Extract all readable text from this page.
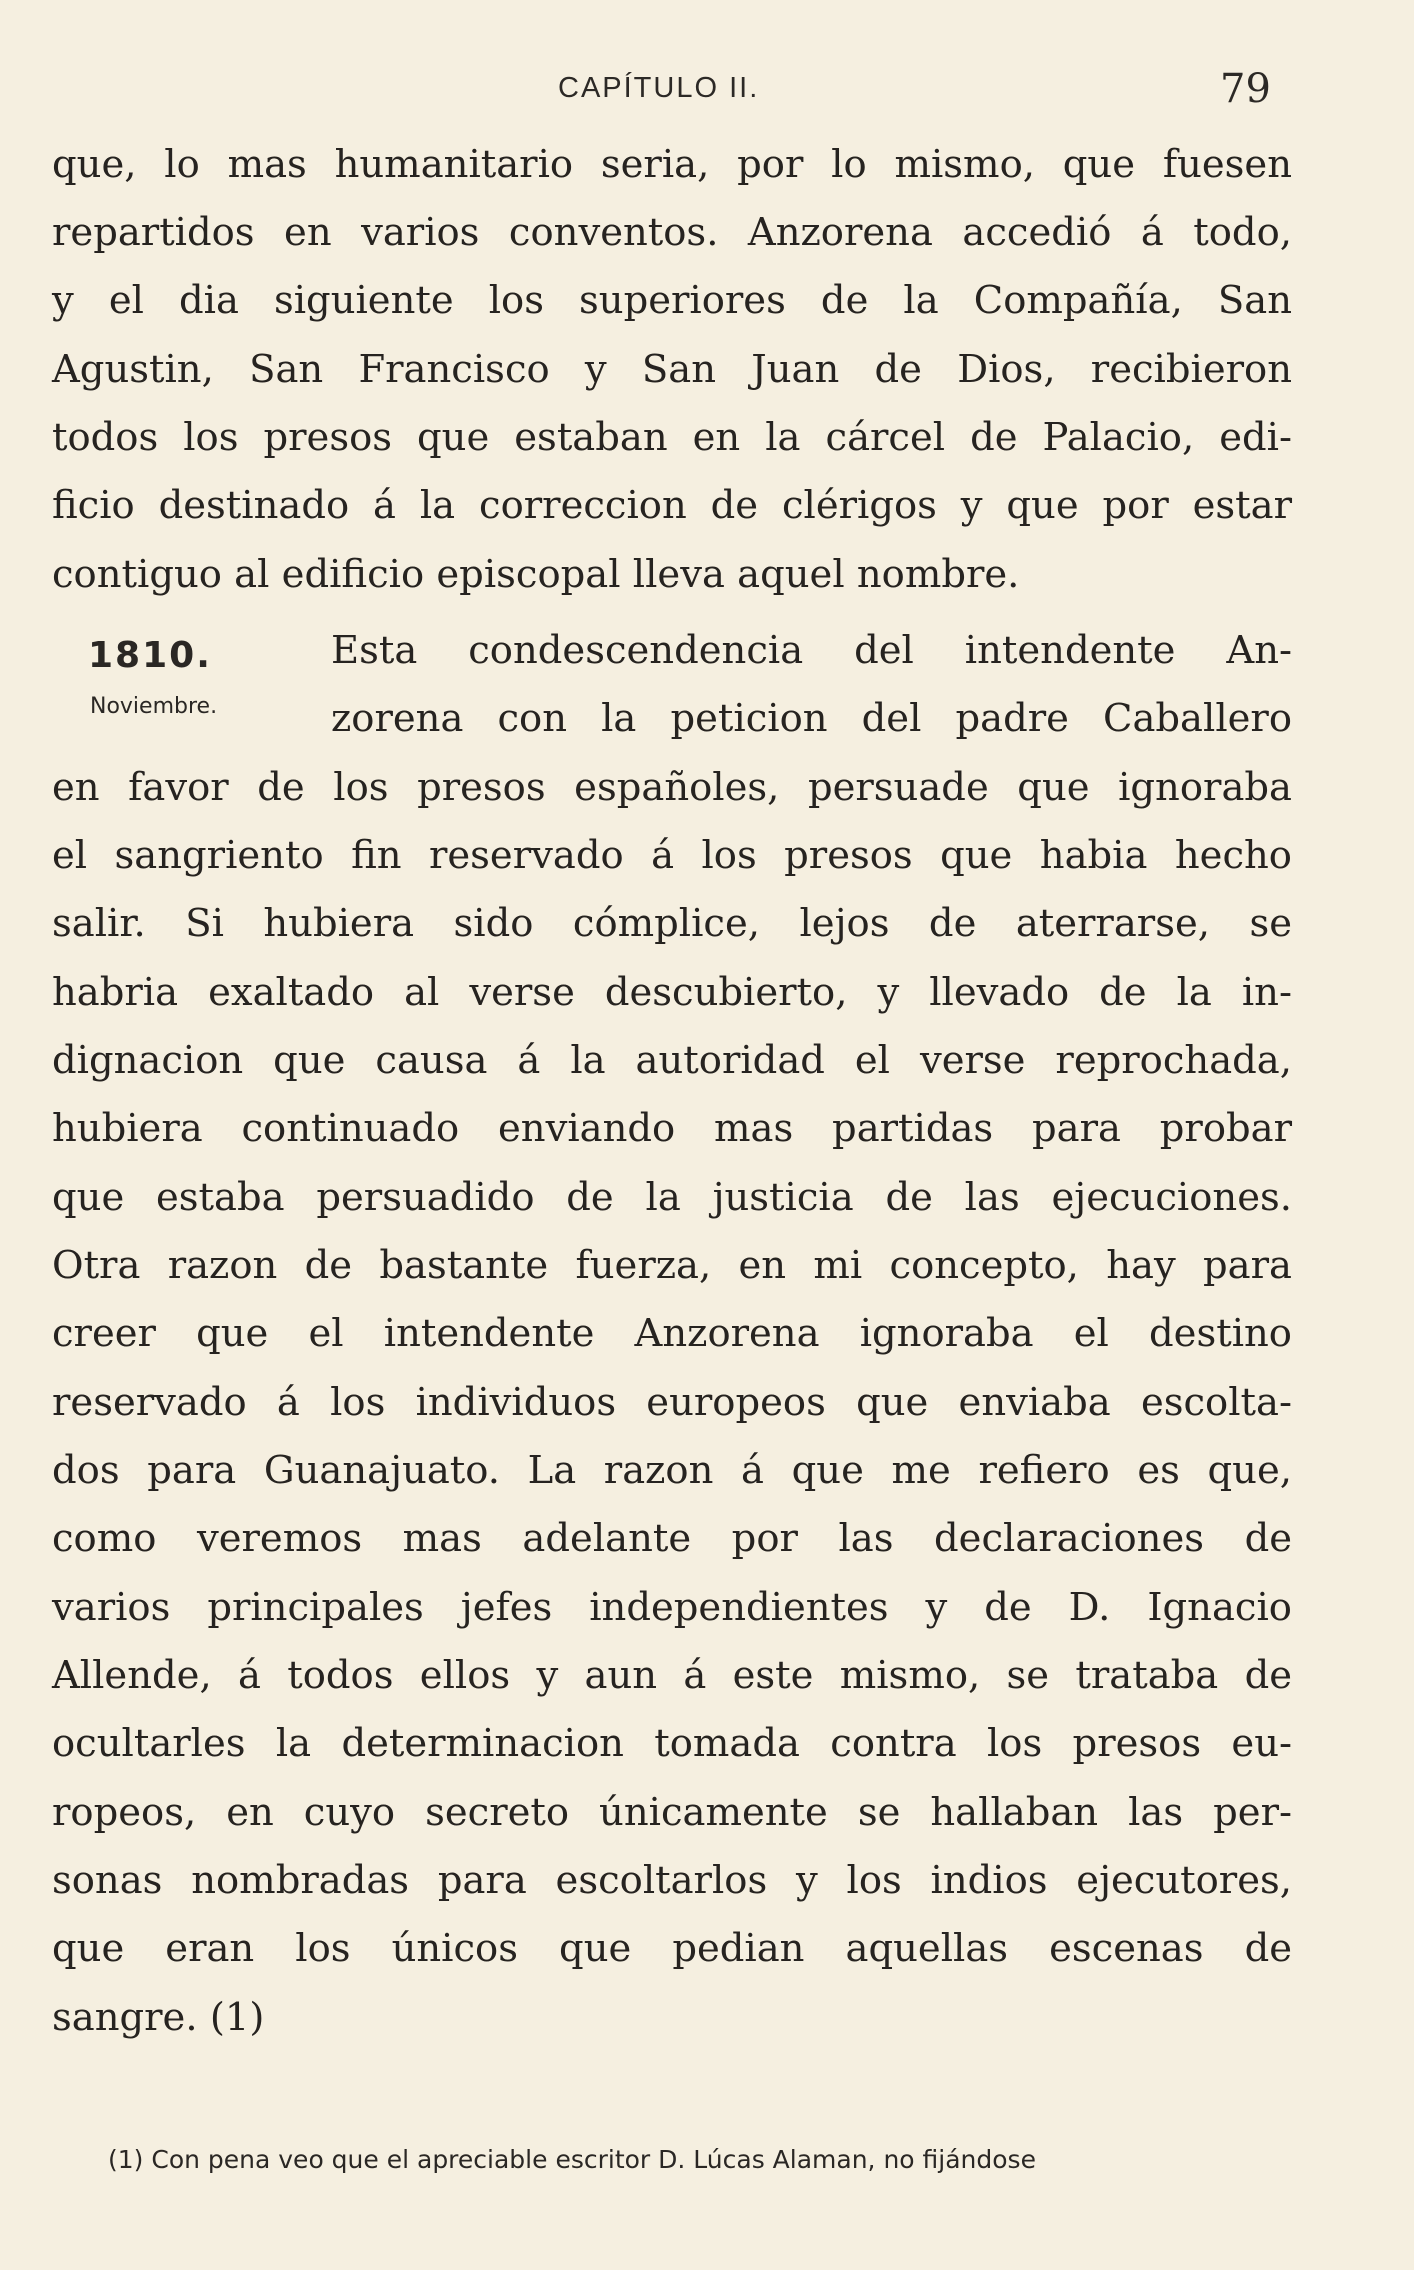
CAPÍTULO II.	79
que, lo mas humanitario seria, por lo mismo, que fuesen
repartidos en varios conventos. Anzorena accedió á todo,
y el dia siguiente los superiores de la Compañía, San
Agustin, San Francisco y San Juan de Dios, recibieron
todos los presos que estaban en la cárcel de Palacio, edi-
ficio destinado á la correccion de clérigos y que por estar
contiguo al edificio episcopal lleva aquel nombre.
1810.
Noviembre.
Esta condescendencia del intendente An-
zorena con la peticion del padre Caballero
en favor de los presos españoles, persuade que ignoraba
el sangriento fin reservado á los presos que habia hecho
salir. Si hubiera sido cómplice, lejos de aterrarse, se
habria exaltado al verse descubierto, y llevado de la in-
dignacion que causa á la autoridad el verse reprochada,
hubiera continuado enviando mas partidas para probar
que estaba persuadido de la justicia de las ejecuciones.
Otra razon de bastante fuerza, en mi concepto, hay para
creer que el intendente Anzorena ignoraba el destino
reservado á los individuos europeos que enviaba escolta-
dos para Guanajuato. La razon á que me refiero es que,
como veremos mas adelante por las declaraciones de
varios principales jefes independientes y de D. Ignacio
Allende, á todos ellos y aun á este mismo, se trataba de
ocultarles la determinacion tomada contra los presos eu-
ropeos, en cuyo secreto únicamente se hallaban las per-
sonas nombradas para escoltarlos y los indios ejecutores,
que eran los únicos que pedian aquellas escenas de
sangre. (1)
(1) Con pena veo que el apreciable escritor D. Lúcas Alaman, no fijándose
